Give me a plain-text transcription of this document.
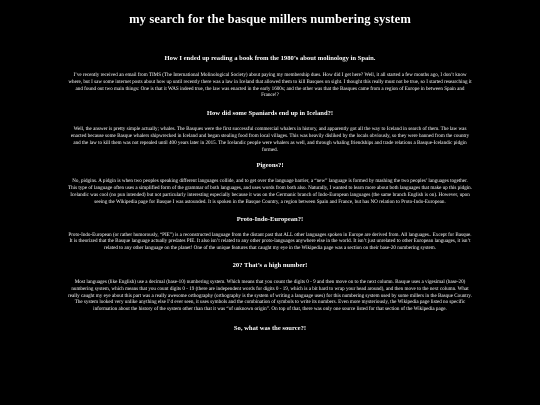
my search for the basque millers numbering system
How I ended up reading a book from the 1980’s about molinology in Spain.

I’ve recently received an email from TIMS (The International Molinological Society) about paying my membership dues. How did I get here? Well, it all started a few months ago, I don’t know where, but I saw some internet posts about how up until recently there was a law in Iceland that allowed them to kill Basques on sight. I thought this really must not be true, so I started researching it and found out two main things: One is that it WAS indeed true, the law was enacted in the early 1600s; and the other was that the Basques came from a region of Europe in between Spain and France!?

How did some Spaniards end up in Iceland?!

Well, the answer is pretty simple actually; whales. The Basques were the first successful commercial whalers in history, and apparently got all the way to Iceland in search of them. The law was enacted because some Basque whalers shipwrecked in Iceland and began stealing food from local villages. This was heavily disliked by the locals obviously, so they were banned from the country and the law to kill them was not repealed until 400 years later in 2015. The Icelandic people were whalers as well, and through whaling friendships and trade relations a Basque-Icelandic pidgin formed.

Pigeons?!

No, pidgins. A pidgin is when two peoples speaking different languages collide, and to get over the language barrier, a “new” language is formed by mashing the two peoples’ languages together. This type of language often uses a simplified form of the grammar of both languages, and uses words from both also. Naturally, I wanted to learn more about both languages that make up this pidgin. Icelandic was cool (no pun intended) but not particularly interesting especially because it was on the Germanic branch of Indo-European languages (the same branch English is on). However, upon seeing the Wikipedia page for Basque I was astounded. It is spoken in the Basque Country, a region between Spain and France, but has NO relation to Proto-Indo-European.

Proto-Indo-European?!

Proto-Indo-European (or rather humorously, “PIE”) is a reconstructed language from the distant past that ALL other languages spoken in Europe are derived from. All languages.. Except for Basque. It is theorized that the Basque language actually predates PIE. It also isn’t related to any other proto-languages anywhere else in the world. It isn’t just unrelated to other European languages, it isn’t related to any other language on the planet! One of the unique features that caught my eye in the Wikipedia page was a section on their base-20 numbering system.

20? That’s a high number!

Most languages (like English) use a decimal (base-10) numbering system. Which means that you count the digits 0 - 9 and then move on to the next column. Basque uses a vigesimal (base-20) numbering system, which means that you count digits 0 - 19 (there are independent words for digits 0 - 19, which is a bit hard to wrap your head around), and then move to the next column. What really caught my eye about this part was a really awesome orthography (orthography is the system of writing a language uses) for this numbering system used by some millers in the Basque Country. The system looked very unlike anything else I’d ever seen, it uses symbols and the combination of symbols to write its numbers. Even more mysteriously, the Wikipedia page listed no specific information about the history of the system other than that it was “of unknown origin”. On top of that, there was only one source listed for that section of the Wikipedia page.

So, what was the source?!
